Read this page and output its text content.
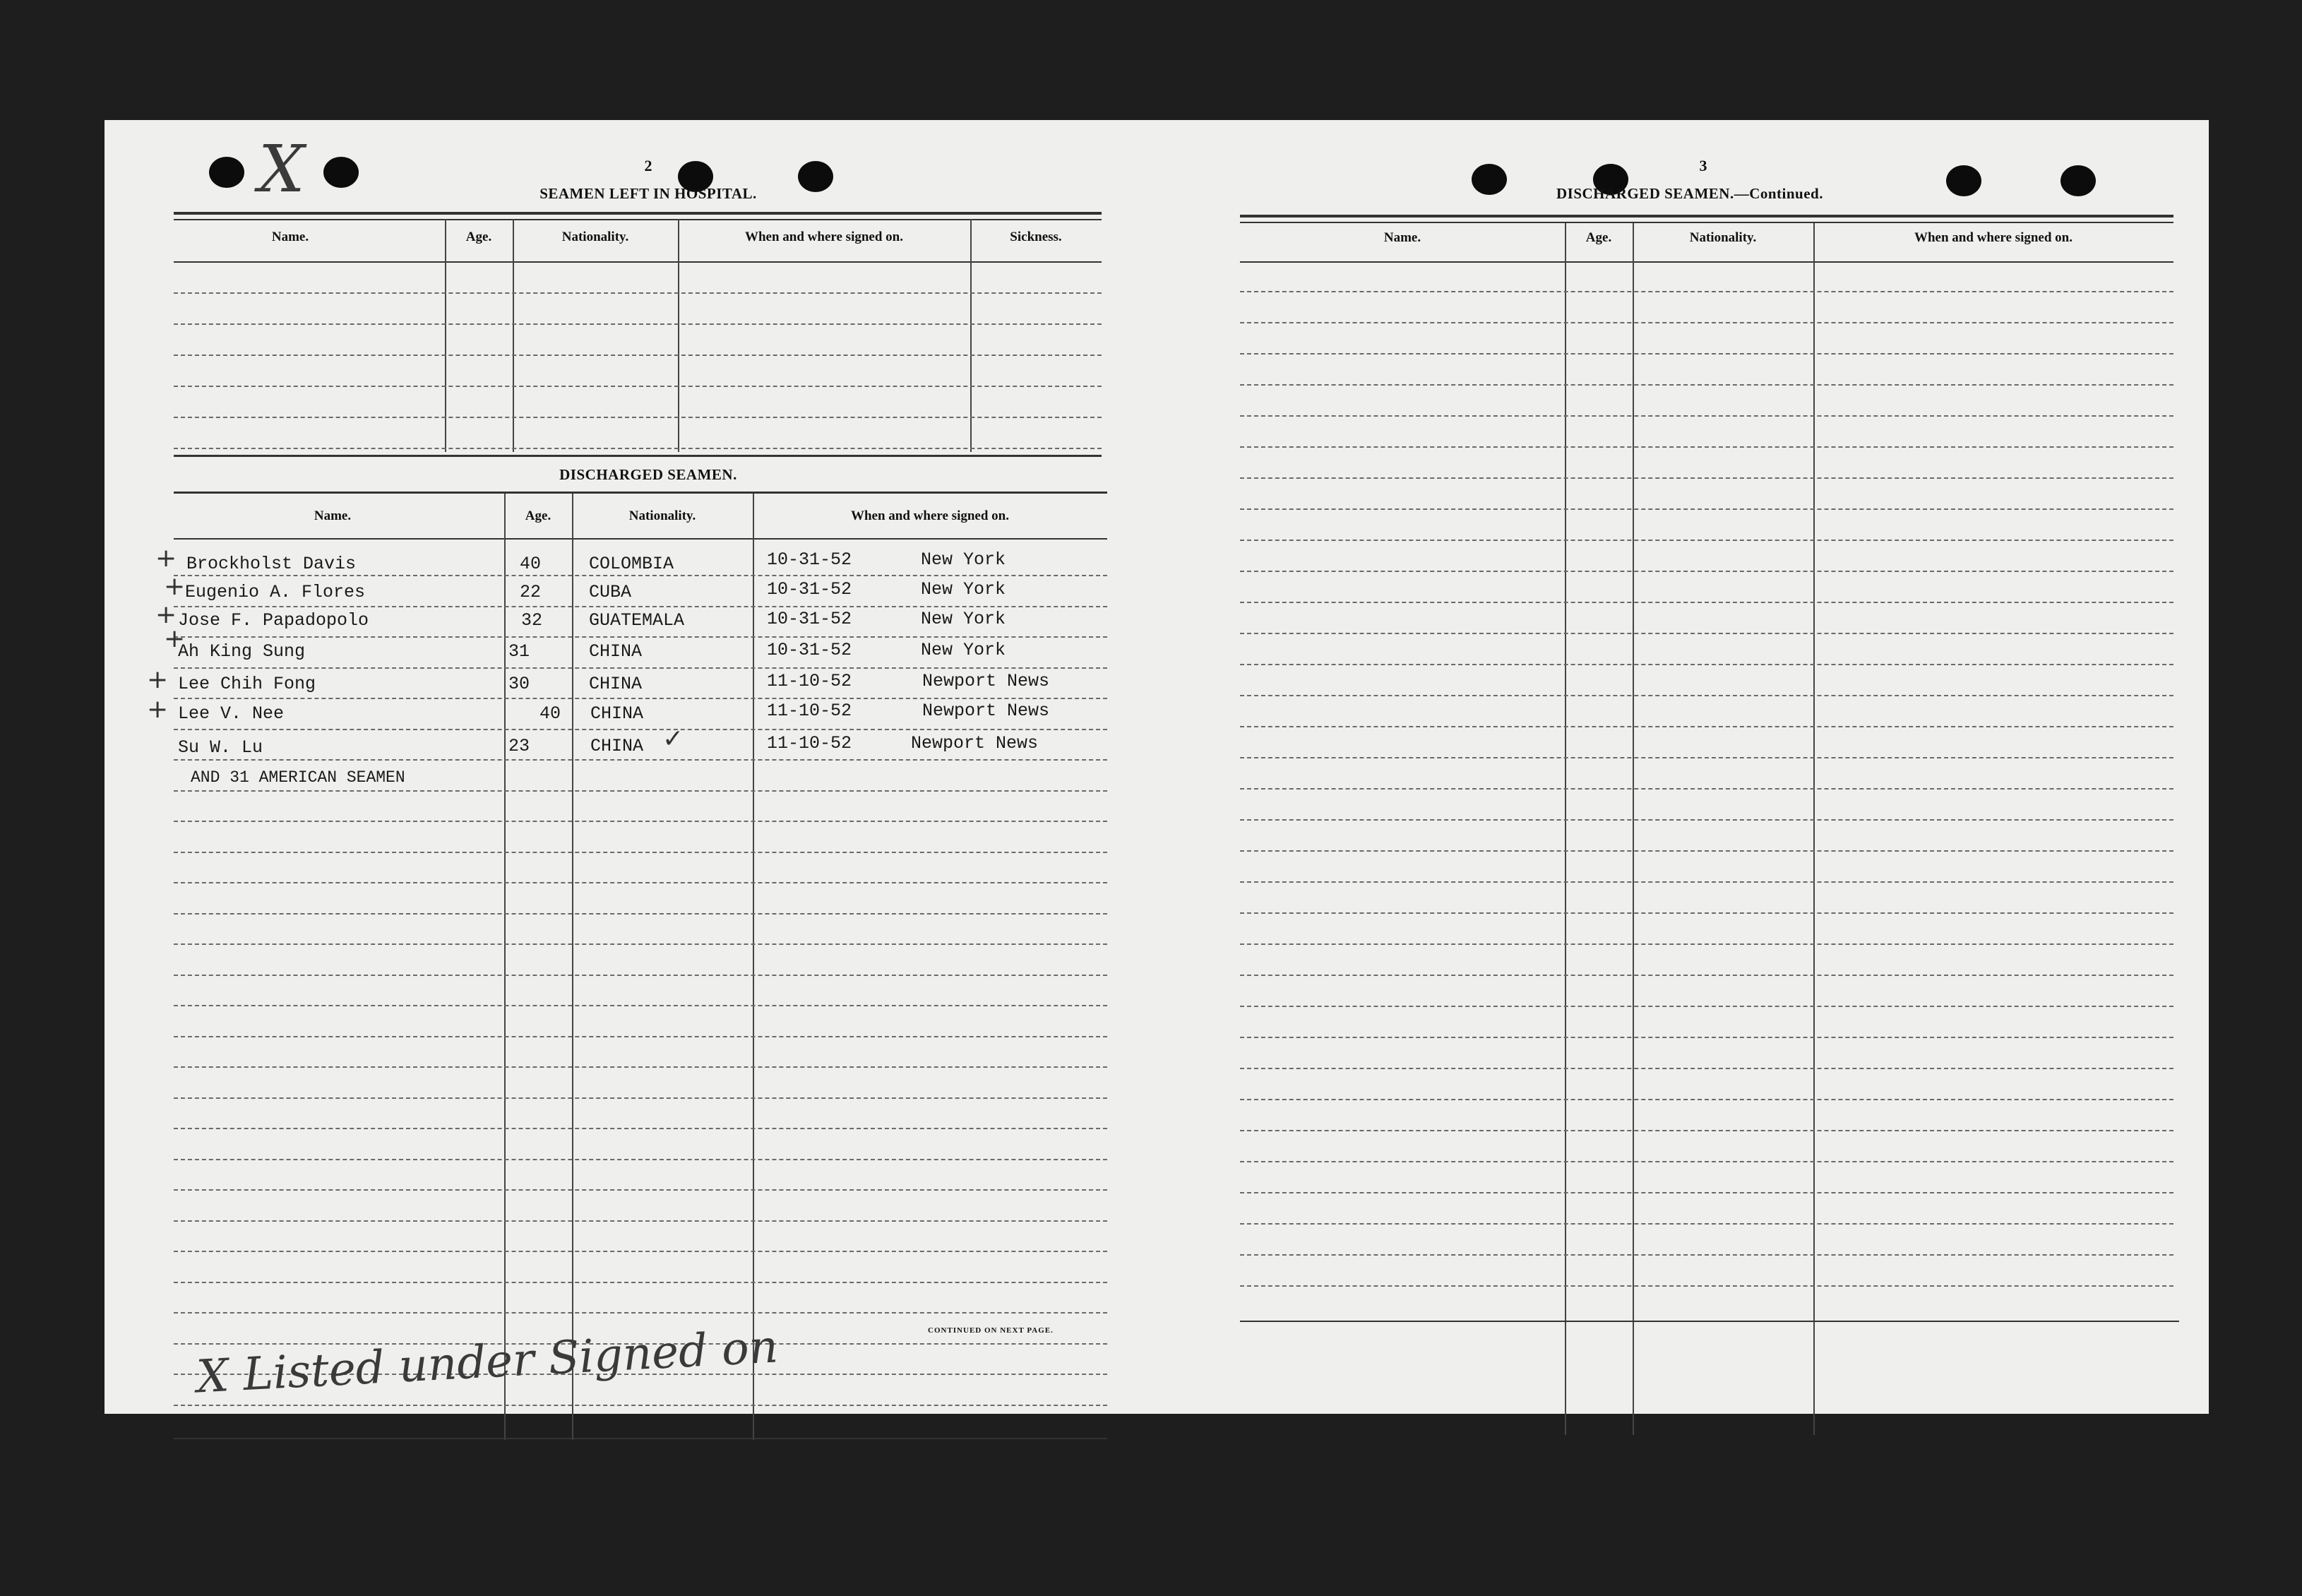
X	2
SEAMEN LEFT IN HOSPITAL.
Name.	Age.	Nationality.	When and where signed on.	Sickness.
DISCHARGED SEAMEN.
Name.	Age.	Nationality.	When and where signed on.
+
+
+
+
+
+
✓
Brockholst Davis	40	COLOMBIA	10-31-52	New York
Eugenio A. Flores	22	CUBA	10-31-52	New York
Jose F. Papadopolo	32	GUATEMALA	10-31-52	New York
Ah King Sung	31	CHINA	10-31-52	New York
Lee Chih Fong	30	CHINA	11-10-52	Newport News
Lee V. Nee	40 CHINA	11-10-52	Newport News
Su W. Lu	23	CHINA	11-10-52	Newport News
AND 31 AMERICAN SEAMEN
CONTINUED ON NEXT PAGE.
X Listed under Signed on
3
DISCHARGED SEAMEN.—Continued.
Name.	Age.	Nationality.	When and where signed on.
